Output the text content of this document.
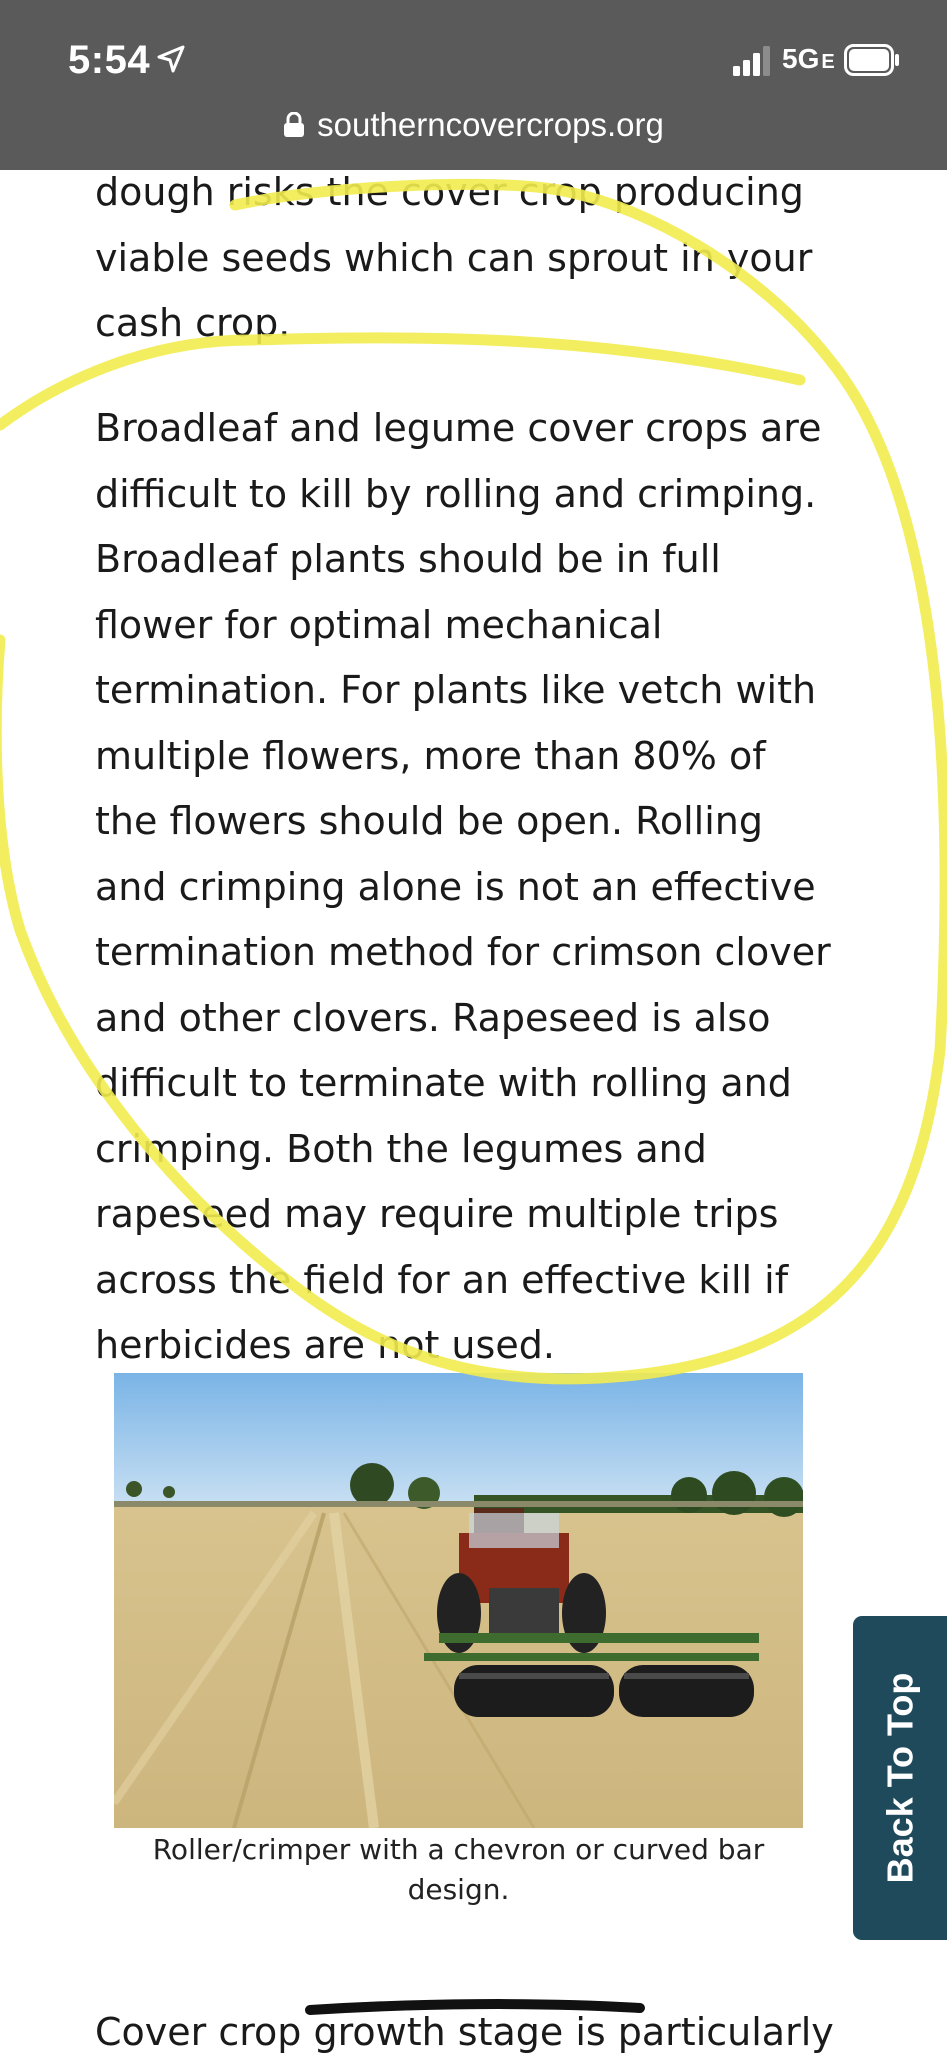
5:54	5G E
southerncovercrops.org

dough risks the cover crop producing viable seeds which can sprout in your cash crop.

Broadleaf and legume cover crops are difficult to kill by rolling and crimping. Broadleaf plants should be in full flower for optimal mechanical termination. For plants like vetch with multiple flowers, more than 80% of the flowers should be open. Rolling and crimping alone is not an effective termination method for crimson clover and other clovers. Rapeseed is also difficult to terminate with rolling and crimping. Both the legumes and rapeseed may require multiple trips across the field for an effective kill if herbicides are not used.

Roller/crimper with a chevron or curved bar design.
Cover crop growth stage is particularly
Back To Top
